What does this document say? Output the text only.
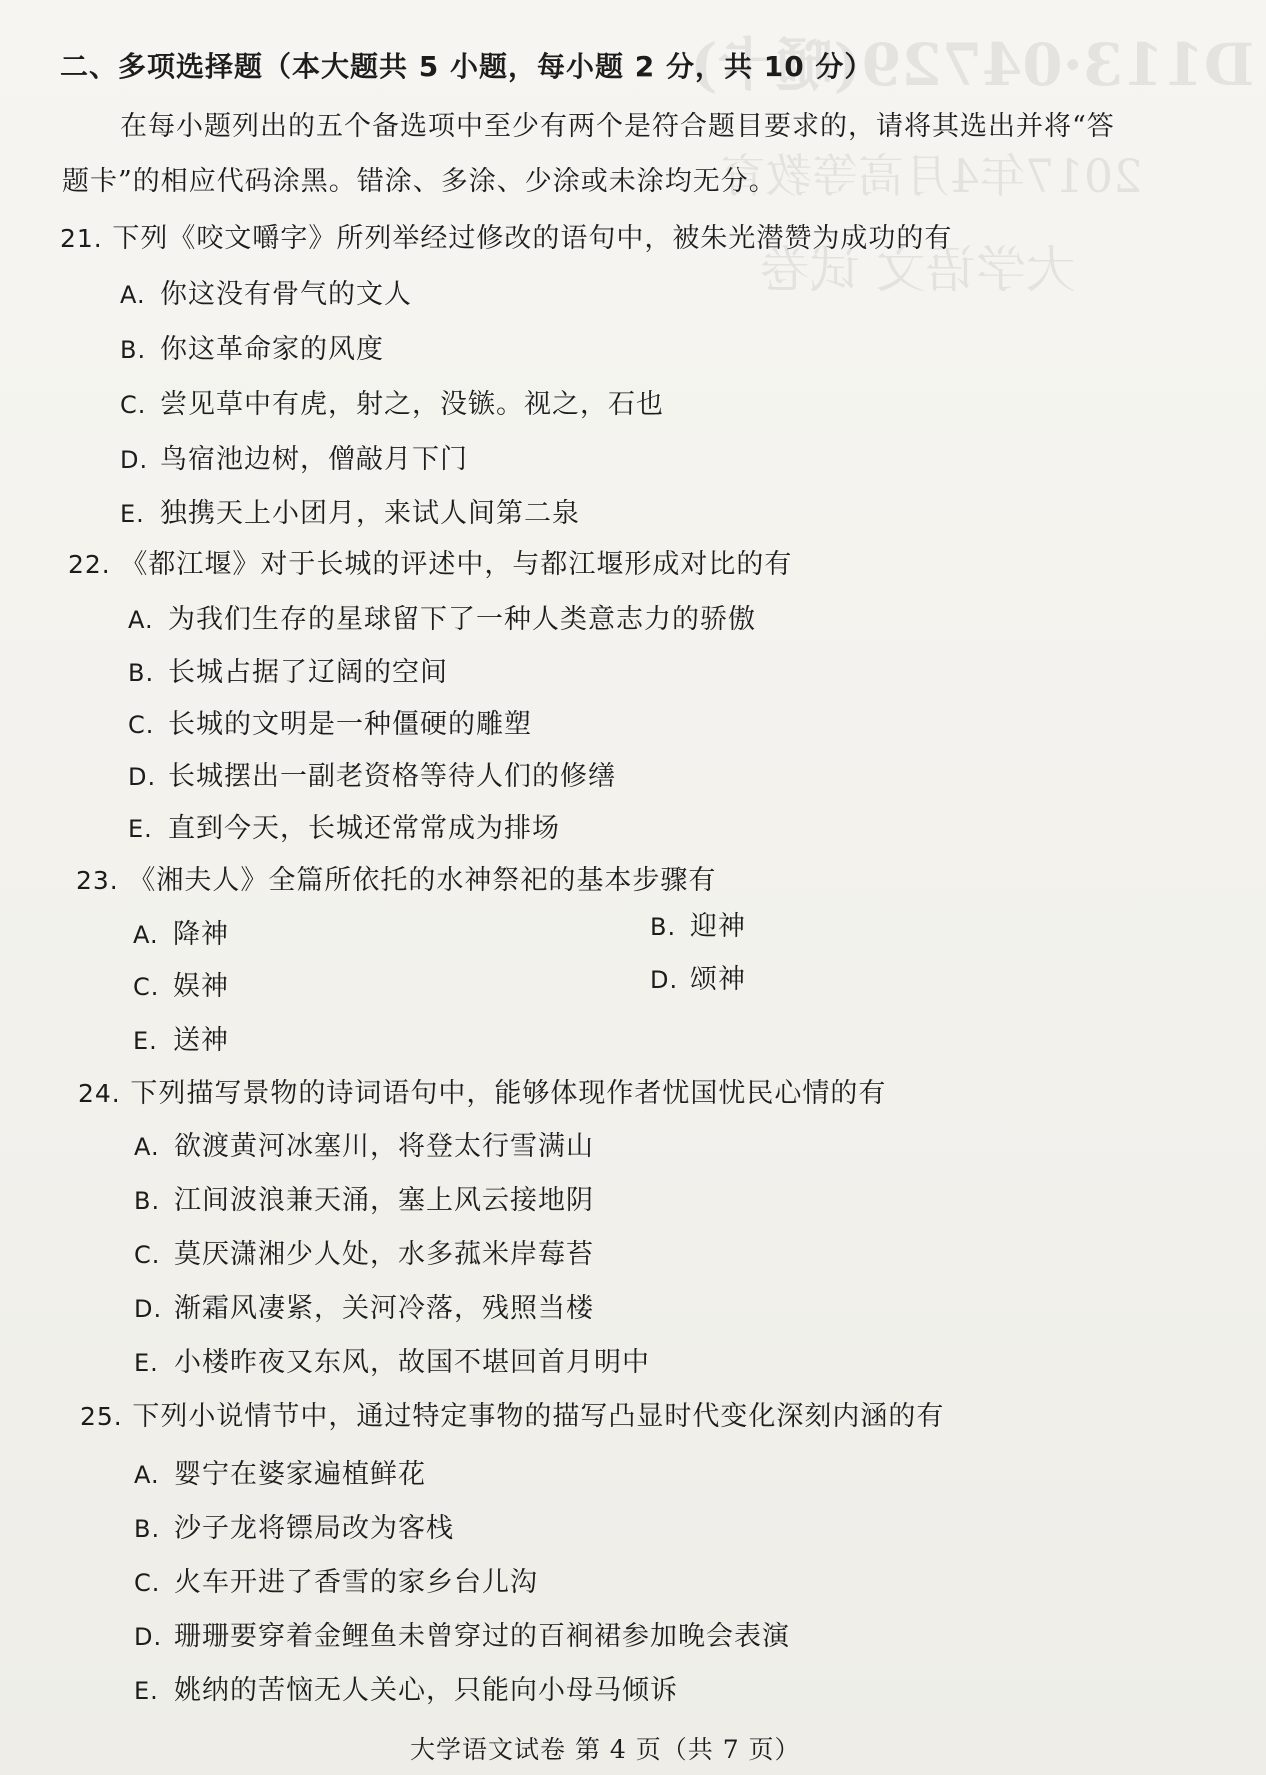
D113·04729(嗵卡)
2017年4月高等教育
大学语文 试卷
二、多项选择题（本大题共 5 小题，每小题 2 分，共 10 分）
在每小题列出的五个备选项中至少有两个是符合题目要求的，请将其选出并将“答
题卡”的相应代码涂黑。错涂、多涂、少涂或未涂均无分。
21. 下列《咬文嚼字》所列举经过修改的语句中，被朱光潜赞为成功的有
A. 你这没有骨气的文人
B. 你这革命家的风度
C. 尝见草中有虎，射之，没镞。视之，石也
D. 鸟宿池边树，僧敲月下门
E. 独携天上小团月，来试人间第二泉
22. 《都江堰》对于长城的评述中，与都江堰形成对比的有
A. 为我们生存的星球留下了一种人类意志力的骄傲
B. 长城占据了辽阔的空间
C. 长城的文明是一种僵硬的雕塑
D. 长城摆出一副老资格等待人们的修缮
E. 直到今天，长城还常常成为排场
23. 《湘夫人》全篇所依托的水神祭祀的基本步骤有
A. 降神	B. 迎神
C. 娱神	D. 颂神
E. 送神
24. 下列描写景物的诗词语句中，能够体现作者忧国忧民心情的有
A. 欲渡黄河冰塞川，将登太行雪满山
B. 江间波浪兼天涌，塞上风云接地阴
C. 莫厌潇湘少人处，水多菰米岸莓苔
D. 渐霜风凄紧，关河冷落，残照当楼
E. 小楼昨夜又东风，故国不堪回首月明中
25. 下列小说情节中，通过特定事物的描写凸显时代变化深刻内涵的有
A. 婴宁在婆家遍植鲜花
B. 沙子龙将镖局改为客栈
C. 火车开进了香雪的家乡台儿沟
D. 珊珊要穿着金鲤鱼未曾穿过的百裥裙参加晚会表演
E. 姚纳的苦恼无人关心，只能向小母马倾诉
大学语文试卷 第 4 页（共 7 页）
